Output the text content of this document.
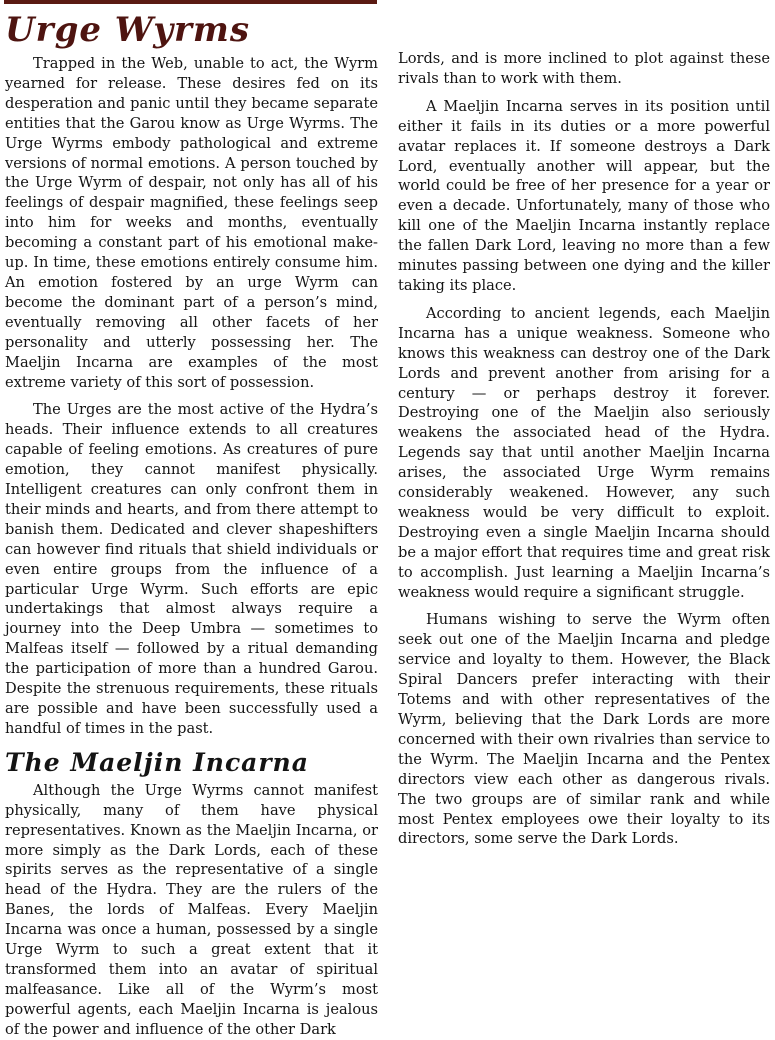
Urge Wyrms

Trapped in the Web, unable to act, the Wyrm yearned for release. These desires fed on its desperation and panic until they became separate entities that the Garou know as Urge Wyrms. The Urge Wyrms embody pathological and extreme versions of normal emotions. A person touched by the Urge Wyrm of despair, not only has all of his feelings of despair magnified, these feelings seep into him for weeks and months, eventually becoming a constant part of his emotional make-up. In time, these emotions entirely consume him. An emotion fostered by an urge Wyrm can become the dominant part of a person’s mind, eventually removing all other facets of her personality and utterly possessing her. The Maeljin Incarna are examples of the most extreme variety of this sort of possession.

The Urges are the most active of the Hydra’s heads. Their influence extends to all creatures capable of feeling emotions. As creatures of pure emotion, they cannot manifest physically. Intelligent creatures can only confront them in their minds and hearts, and from there attempt to banish them. Dedicated and clever shapeshifters can however find rituals that shield individuals or even entire groups from the influence of a particular Urge Wyrm. Such efforts are epic undertakings that almost always require a journey into the Deep Umbra — sometimes to Malfeas itself — followed by a ritual demanding the participation of more than a hundred Garou. Despite the strenuous requirements, these rituals are possible and have been successfully used a handful of times in the past.

The Maeljin Incarna

Although the Urge Wyrms cannot manifest physically, many of them have physical representatives. Known as the Maeljin Incarna, or more simply as the Dark Lords, each of these spirits serves as the representative of a single head of the Hydra. They are the rulers of the Banes, the lords of Malfeas. Every Maeljin Incarna was once a human, possessed by a single Urge Wyrm to such a great extent that it transformed them into an avatar of spiritual malfeasance. Like all of the Wyrm’s most powerful agents, each Maeljin Incarna is jealous of the power and influence of the other Dark

Lords, and is more inclined to plot against these rivals than to work with them.

A Maeljin Incarna serves in its position until either it fails in its duties or a more powerful avatar replaces it. If someone destroys a Dark Lord, eventually another will appear, but the world could be free of her presence for a year or even a decade. Unfortunately, many of those who kill one of the Maeljin Incarna instantly replace the fallen Dark Lord, leaving no more than a few minutes passing between one dying and the killer taking its place.

According to ancient legends, each Maeljin Incarna has a unique weakness. Someone who knows this weakness can destroy one of the Dark Lords and prevent another from arising for a century — or perhaps destroy it forever. Destroying one of the Maeljin also seriously weakens the associated head of the Hydra. Legends say that until another Maeljin Incarna arises, the associated Urge Wyrm remains considerably weakened. However, any such weakness would be very difficult to exploit. Destroying even a single Maeljin Incarna should be a major effort that requires time and great risk to accomplish. Just learning a Maeljin Incarna’s weakness would require a significant struggle.

Humans wishing to serve the Wyrm often seek out one of the Maeljin Incarna and pledge service and loyalty to them. However, the Black Spiral Dancers prefer interacting with their Totems and with other representatives of the Wyrm, believing that the Dark Lords are more concerned with their own rivalries than service to the Wyrm. The Maeljin Incarna and the Pentex directors view each other as dangerous rivals. The two groups are of similar rank and while most Pentex employees owe their loyalty to its directors, some serve the Dark Lords.
